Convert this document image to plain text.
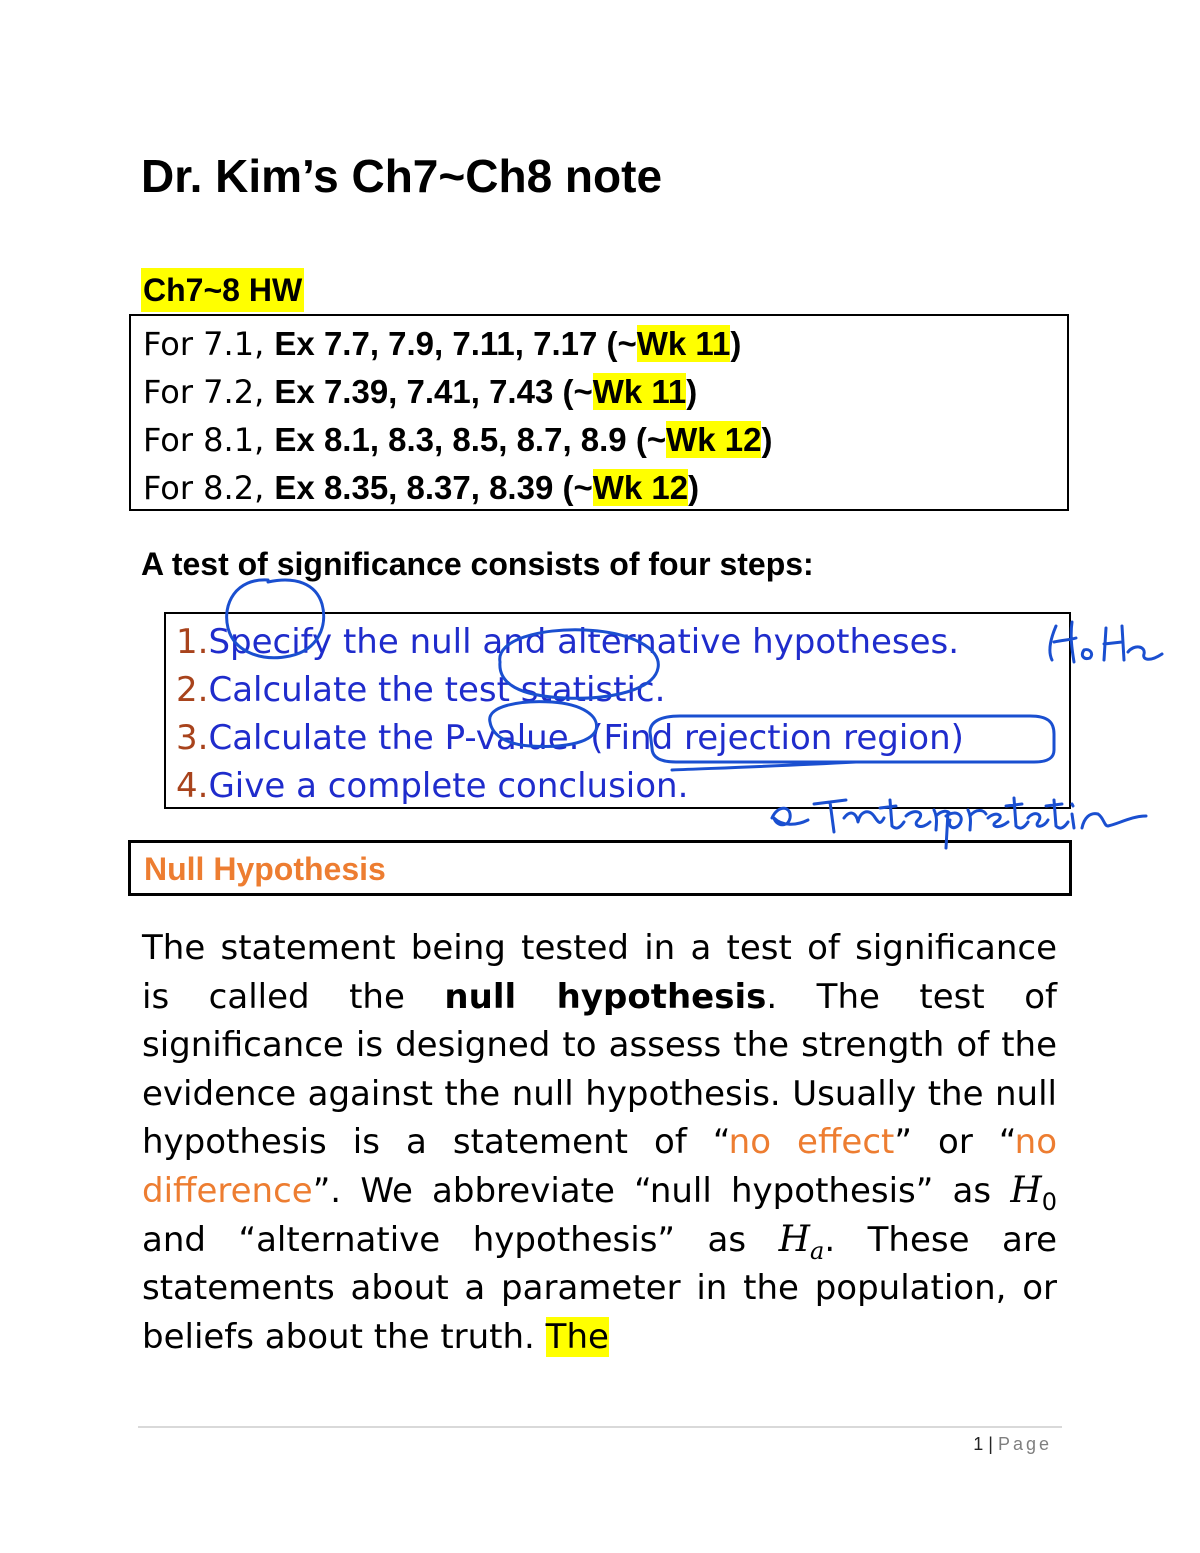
Dr. Kim’s Ch7~Ch8 note
Ch7~8 HW
For 7.1, Ex 7.7, 7.9, 7.11, 7.17 (~Wk 11)
For 7.2, Ex 7.39, 7.41, 7.43 (~Wk 11)
For 8.1, Ex 8.1, 8.3, 8.5, 8.7, 8.9 (~Wk 12)
For 8.2, Ex 8.35, 8.37, 8.39 (~Wk 12)
A test of significance consists of four steps:
1.Specify the null and alternative hypotheses.
2.Calculate the test statistic.
3.Calculate the P-value. (Find rejection region)
4.Give a complete conclusion.
Null Hypothesis
The statement being tested in a test of significance is called the null hypothesis. The test of significance is designed to assess the strength of the evidence against the null hypothesis. Usually the null hypothesis is a statement of “no effect” or “no difference”. We abbreviate “null hypothesis” as $H_0$ and “alternative hypothesis” as $H_a$. These are statements about a parameter in the population, or beliefs about the truth. The
1 | Page
